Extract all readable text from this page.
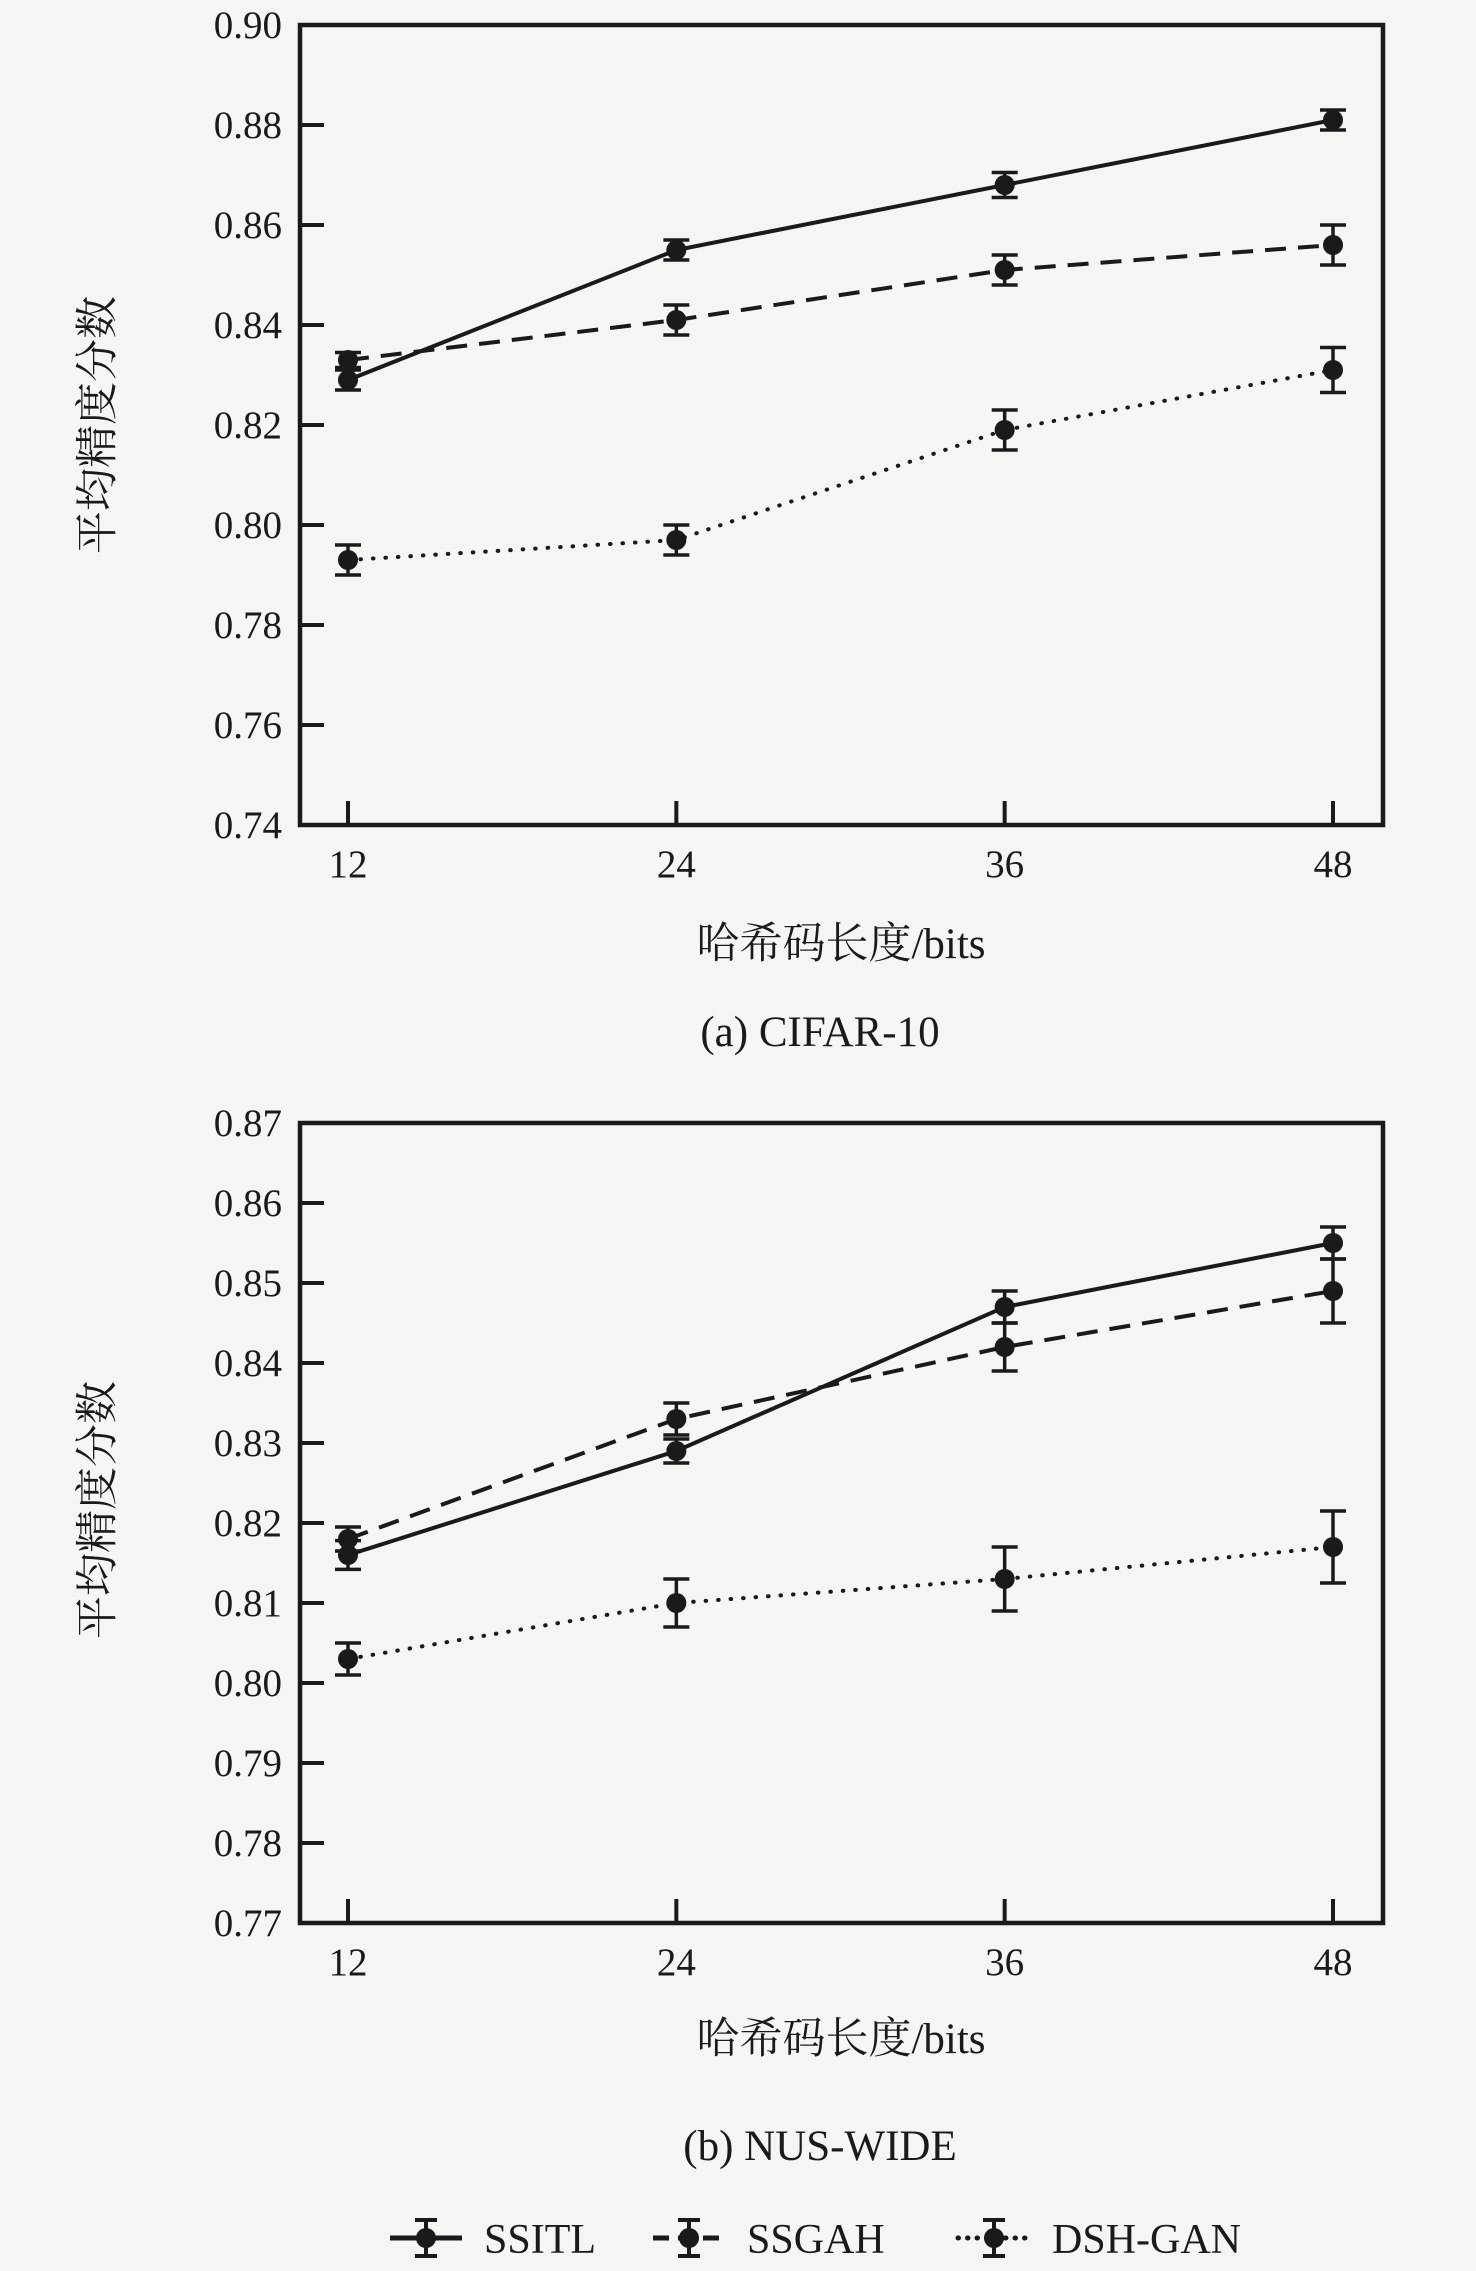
0.74
0.76
0.78
0.80
0.82
0.84
0.86
0.88
0.90
12	24	36	48
平均精度分数
哈希码长度/bits
(a) CIFAR-10
0.77
0.78
0.79
0.80
0.81
0.82
0.83
0.84
0.85
0.86
0.87
12	24	36	48
平均精度分数
哈希码长度/bits
(b) NUS-WIDE
SSITL	SSGAH	DSH-GAN
